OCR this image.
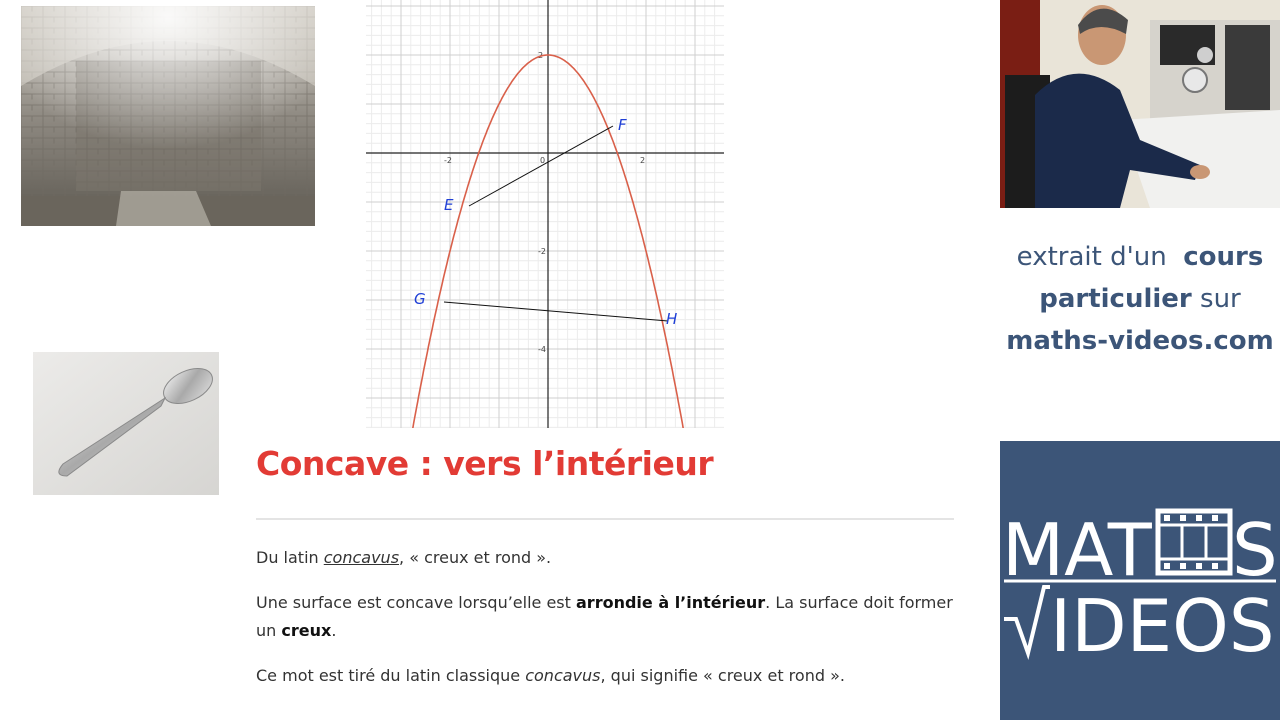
-2	0	2
2
-2
-4
E
F
G
H
extrait d'un cours
particulier sur
maths-videos.com
MAT S
IDEOS
Concave : vers l’intérieur

Du latin concavus, « creux et rond ».

Une surface est concave lorsqu’elle est arrondie à l’intérieur. La surface doit former un creux.

Ce mot est tiré du latin classique concavus, qui signifie « creux et rond ».
